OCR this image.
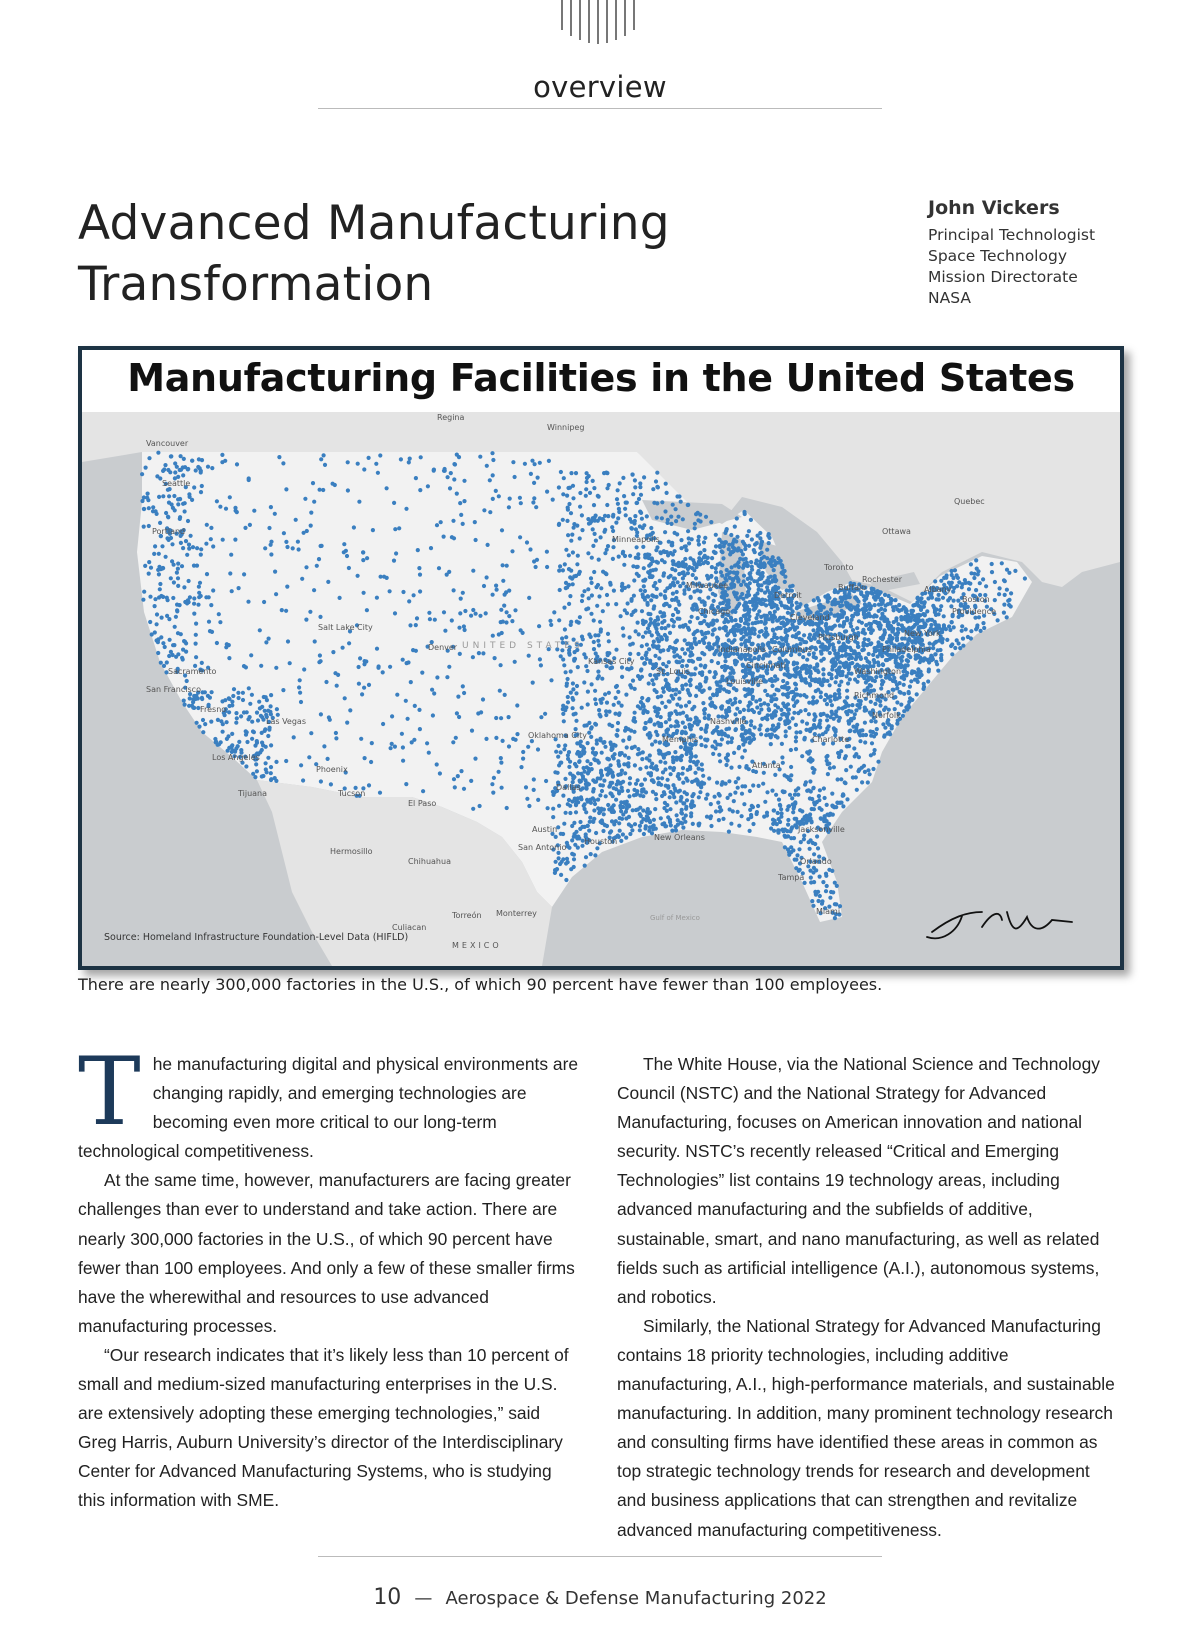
overview
Advanced Manufacturing
Transformation
John Vickers
Principal Technologist
Space Technology
Mission Directorate
NASA
Manufacturing Facilities in the United States
Regina
Winnipeg
Vancouver
Seattle
Portland
Quebec
Ottawa
Toronto
Rochester
Buffalo	Albany
Boston
Providence
New York
Philadelphia
Washington
Richmond
Norfolk
Milwaukee
Chicago
Detroit
Cleveland
Pittsburgh
Columbus
Indianapolis
Cincinnati
Louisville
St. Louis
Kansas City
Minneapolis
Denver
Salt Lake City
Sacramento
San Francisco
Fresno
Las Vegas
Los Angeles
Tijuana
Phoenix
Tucson
El Paso
Hermosillo
Chihuahua
Culiacan
Torreón Monterrey
MEXICO
Oklahoma City
Dallas
Austin
San Antonio
Houston	New Orleans
Memphis
Nashville
Atlanta
Charlotte
Jacksonville
Orlando
Tampa
Miami
Gulf of Mexico
UNITED STATES
Source: Homeland Infrastructure Foundation-Level Data (HIFLD)
There are nearly 300,000 factories in the U.S., of which 90 percent have fewer than 100 employees.

The manufacturing digital and physical environments are changing rapidly, and emerging technologies are becoming even more critical to our long-term technological competitiveness.

At the same time, however, manufacturers are facing greater challenges than ever to understand and take action. There are nearly 300,000 factories in the U.S., of which 90 percent have fewer than 100 employees. And only a few of these smaller firms have the wherewithal and resources to use advanced manufacturing processes.

“Our research indicates that it’s likely less than 10 percent of small and medium-sized manufacturing enterprises in the U.S. are extensively adopting these emerging technologies,” said Greg Harris, Auburn University’s director of the Interdisciplinary Center for Advanced Manufacturing Systems, who is studying this information with SME.

The White House, via the National Science and Technology Council (NSTC) and the National Strategy for Advanced Manufacturing, focuses on American innovation and national security. NSTC’s recently released “Critical and Emerging Technologies” list contains 19 technology areas, including advanced manufacturing and the subfields of additive, sustainable, smart, and nano manufacturing, as well as related fields such as artificial intelligence (A.I.), autonomous systems, and robotics.

Similarly, the National Strategy for Advanced Manufacturing contains 18 priority technologies, including additive manufacturing, A.I., high-performance materials, and sustainable manufacturing. In addition, many prominent technology research and consulting firms have identified these areas in common as top strategic technology trends for research and development and business applications that can strengthen and revitalize advanced manufacturing competitiveness.

10 — Aerospace & Defense Manufacturing 2022
